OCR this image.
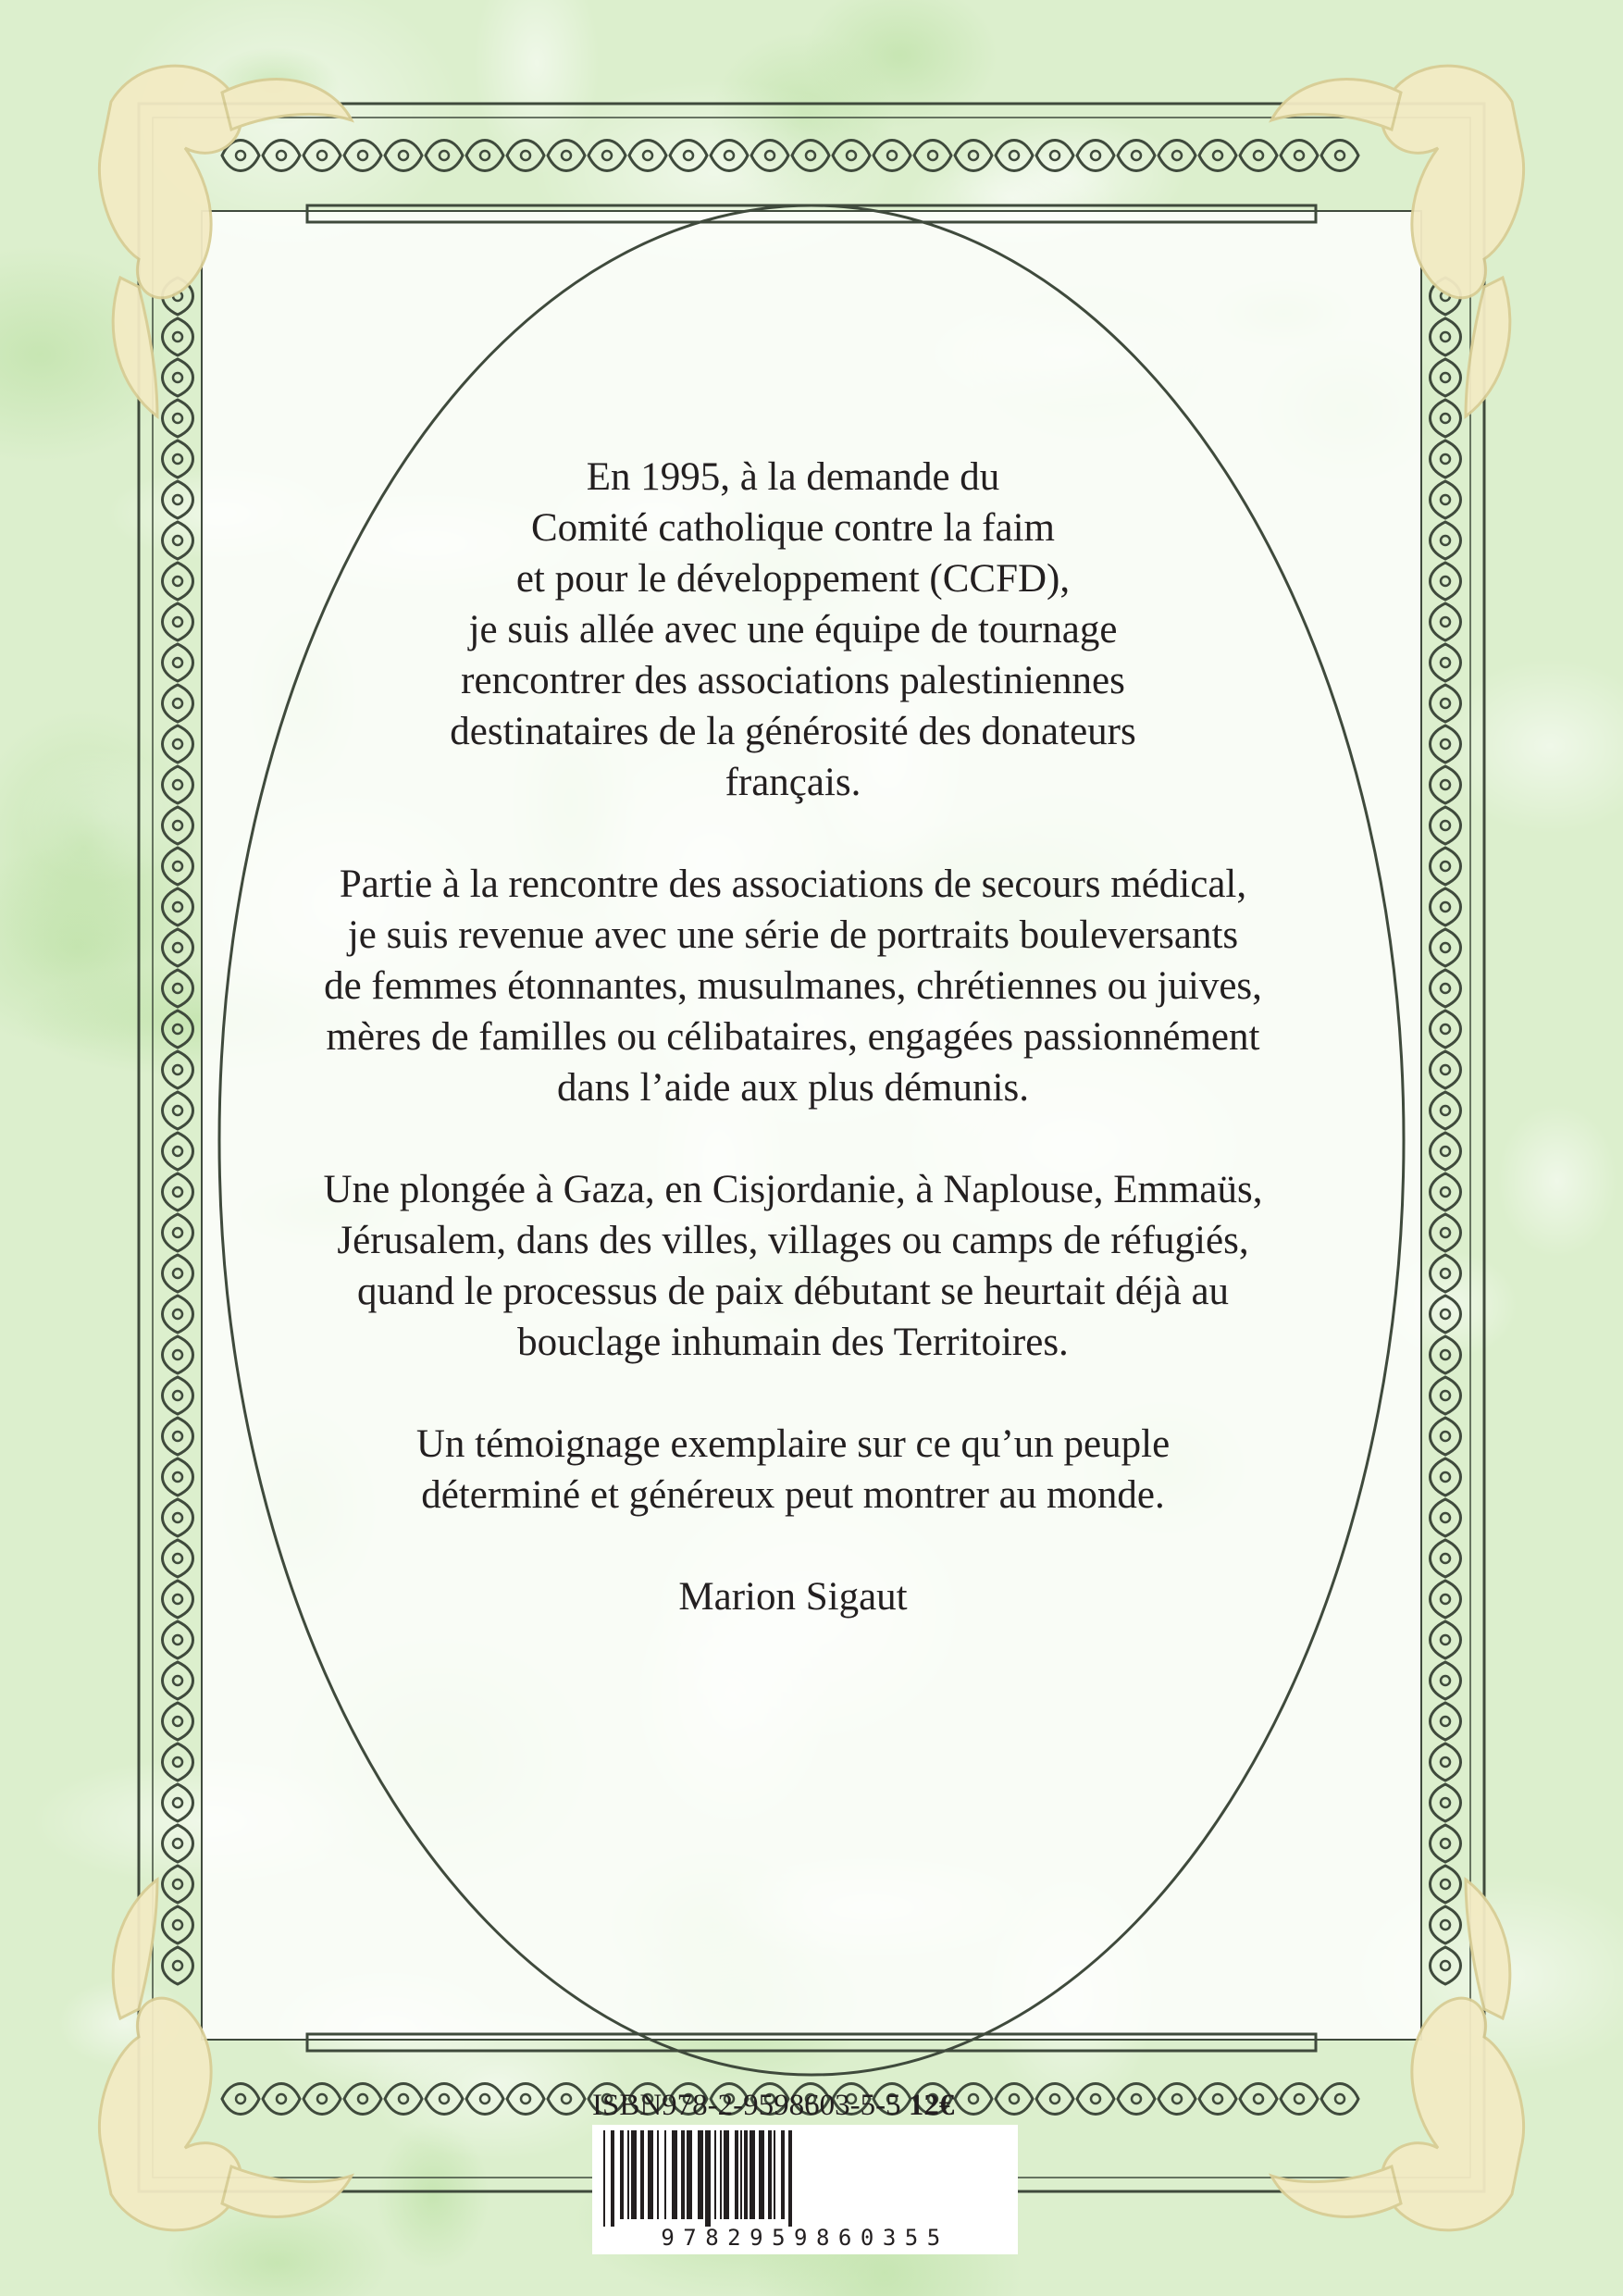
En 1995, à la demande du
Comité catholique contre la faim
et pour le développement (CCFD),
je suis allée avec une équipe de tournage
rencontrer des associations palestiniennes
destinataires de la générosité des donateurs
français.

Partie à la rencontre des associations de secours médical,
je suis revenue avec une série de portraits bouleversants
de femmes étonnantes, musulmanes, chrétiennes ou juives,
mères de familles ou célibataires, engagées passionnément
dans l’aide aux plus démunis.

Une plongée à Gaza, en Cisjordanie, à Naplouse, Emmaüs,
Jérusalem, dans des villes, villages ou camps de réfugiés,
quand le processus de paix débutant se heurtait déjà au
bouclage inhumain des Territoires.

Un témoignage exemplaire sur ce qu’un peuple
déterminé et généreux peut montrer au monde.

Marion Sigaut
ISBN978-2-9598603-5-5 12€
9782959860355
